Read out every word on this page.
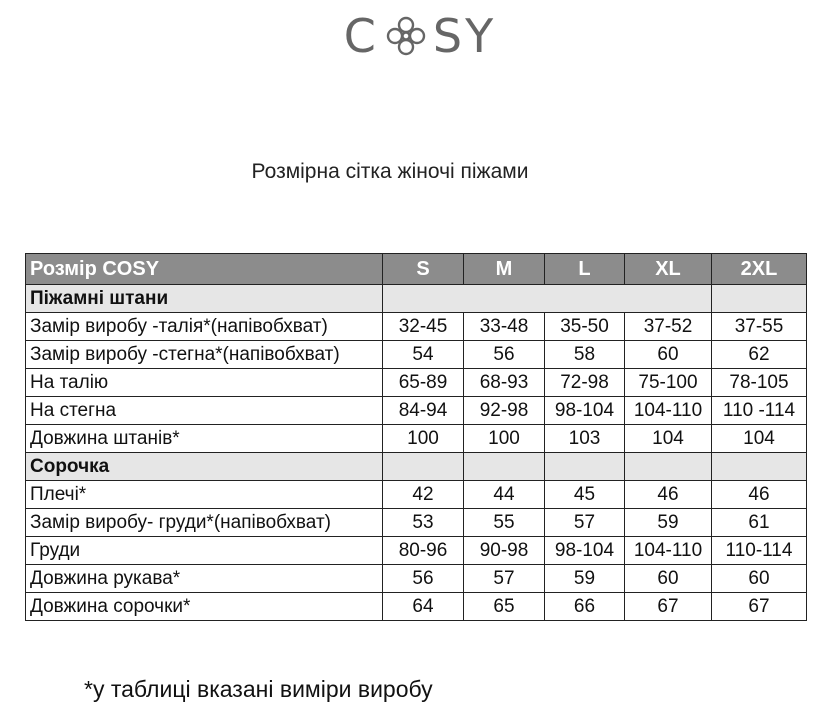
C SY
Розмірна сітка жіночі піжами
Розмір COSY	S	M	L	XL	2XL
Піжамні штани					
Замір виробу -талія*(напівобхват)	32-45	33-48	35-50	37-52	37-55
Замір виробу -стегна*(напівобхват)	54	56	58	60	62
На талію	65-89	68-93	72-98	75-100	78-105
На стегна	84-94	92-98	98-104	104-110	110 -114
Довжина штанів*	100	100	103	104	104
Сорочка					
Плечі*	42	44	45	46	46
Замір виробу- груди*(напівобхват)	53	55	57	59	61
Груди	80-96	90-98	98-104	104-110	110-114
Довжина рукава*	56	57	59	60	60
Довжина сорочки*	64	65	66	67	67
*у таблиці вказані виміри виробу
